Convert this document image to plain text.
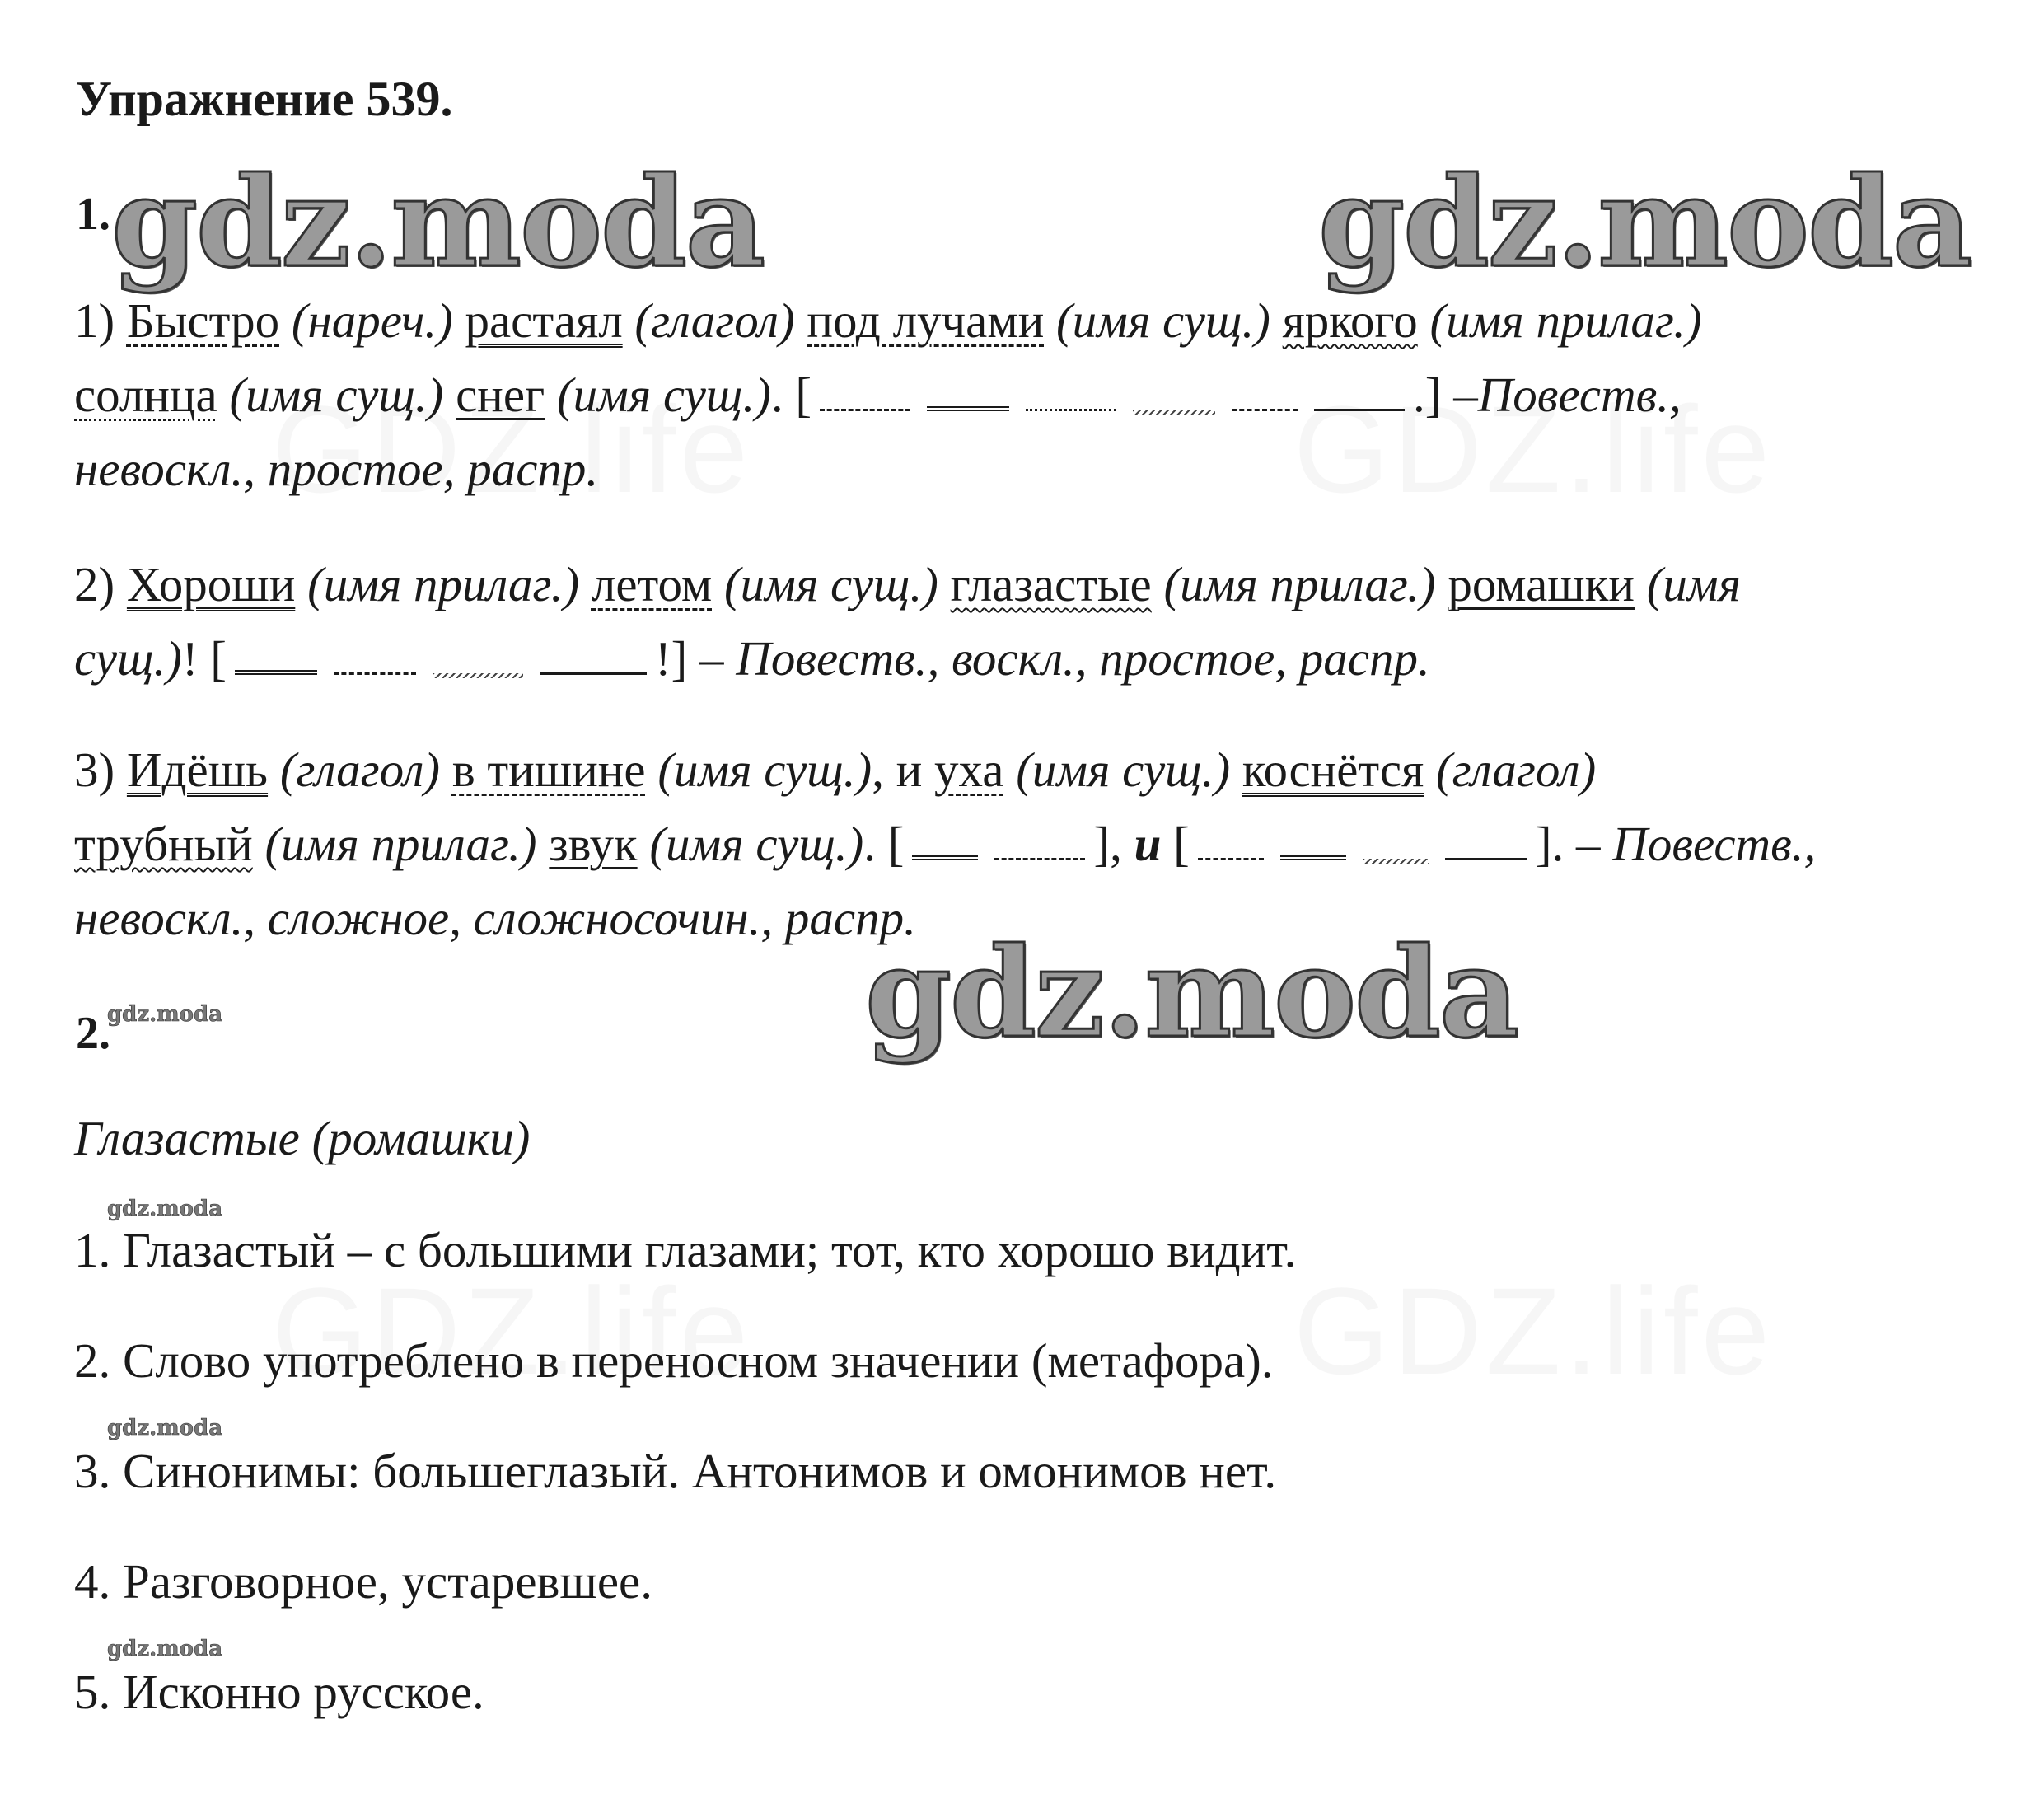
Упражнение 539.
1. gdz.moda	gdz.moda
1) Быстро (нареч.) растаял (глагол) под лучами (имя сущ.) яркого (имя прилаг.)
солнца (имя сущ.) снег (имя сущ.). [	.] –Повеств.,
невоскл., простое, распр.
2) Хороши (имя прилаг.) летом (имя сущ.) глазастые (имя прилаг.) ромашки (имя
сущ.)! [	!] – Повеств., воскл., простое, распр.
3) Идёшь (глагол) в тишине (имя сущ.), и уха (имя сущ.) коснётся (глагол)
трубный (имя прилаг.) звук (имя сущ.). [	], и [	]. – Повеств.,
невоскл., сложное, сложносочин., распр.
2.
gdz.moda	gdz.moda
Глазастые (ромашки)
gdz.moda
1. Глазастый – с большими глазами; тот, кто хорошо видит.
2. Слово употреблено в переносном значении (метафора).
gdz.moda
3. Синонимы: большеглазый. Антонимов и омонимов нет.
4. Разговорное, устаревшее.
gdz.moda
5. Исконно русское.
